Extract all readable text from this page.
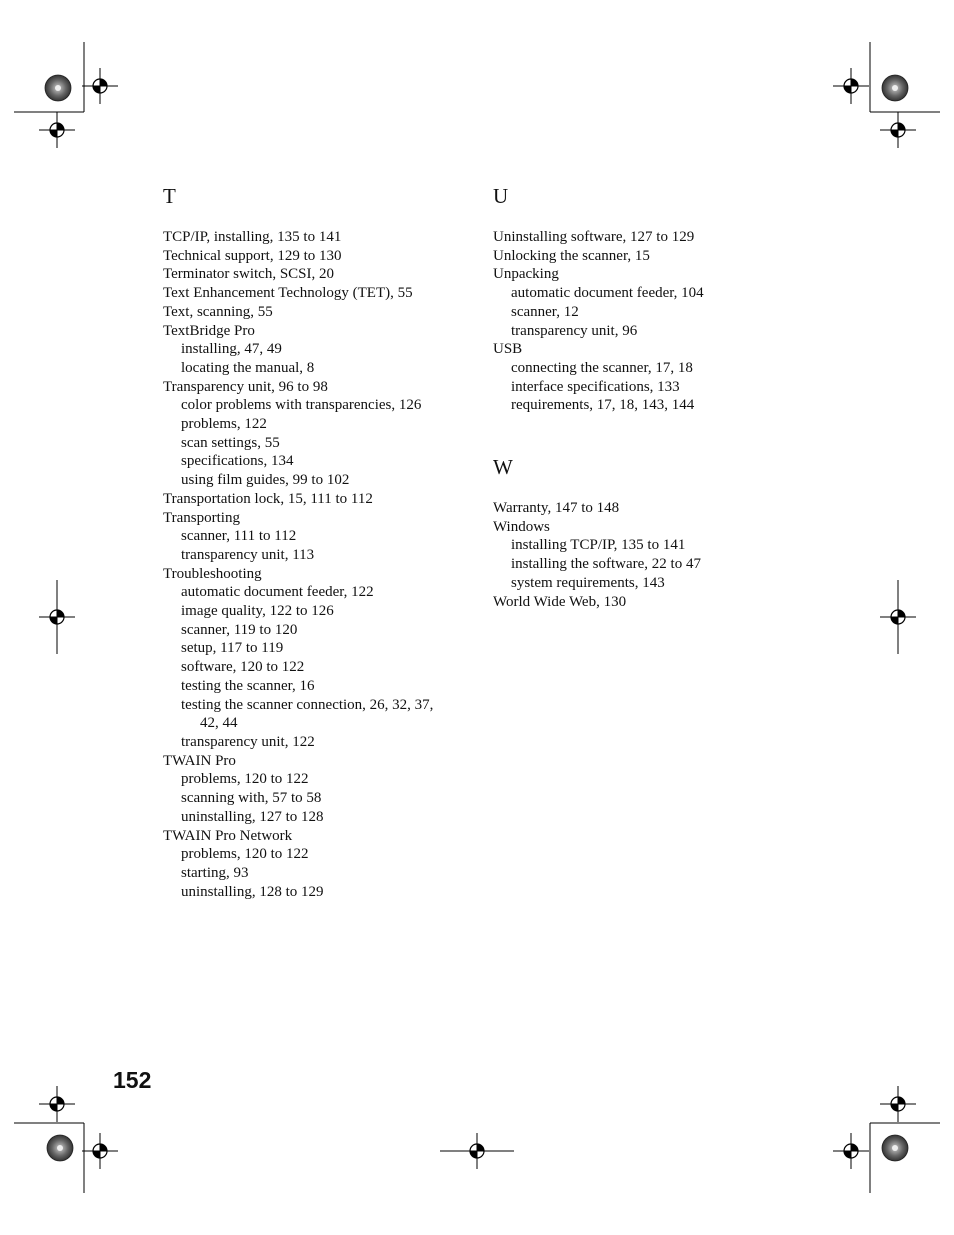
T
TCP/IP, installing, 135 to 141
Technical support, 129 to 130
Terminator switch, SCSI, 20
Text Enhancement Technology (TET), 55
Text, scanning, 55
TextBridge Pro
installing, 47, 49
locating the manual, 8
Transparency unit, 96 to 98
color problems with transparencies, 126
problems, 122
scan settings, 55
specifications, 134
using film guides, 99 to 102
Transportation lock, 15, 111 to 112
Transporting
scanner, 111 to 112
transparency unit, 113
Troubleshooting
automatic document feeder, 122
image quality, 122 to 126
scanner, 119 to 120
setup, 117 to 119
software, 120 to 122
testing the scanner, 16
testing the scanner connection, 26, 32, 37,
42, 44
transparency unit, 122
TWAIN Pro
problems, 120 to 122
scanning with, 57 to 58
uninstalling, 127 to 128
TWAIN Pro Network
problems, 120 to 122
starting, 93
uninstalling, 128 to 129
U
Uninstalling software, 127 to 129
Unlocking the scanner, 15
Unpacking
automatic document feeder, 104
scanner, 12
transparency unit, 96
USB
connecting the scanner, 17, 18
interface specifications, 133
requirements, 17, 18, 143, 144
W
Warranty, 147 to 148
Windows
installing TCP/IP, 135 to 141
installing the software, 22 to 47
system requirements, 143
World Wide Web, 130
152
